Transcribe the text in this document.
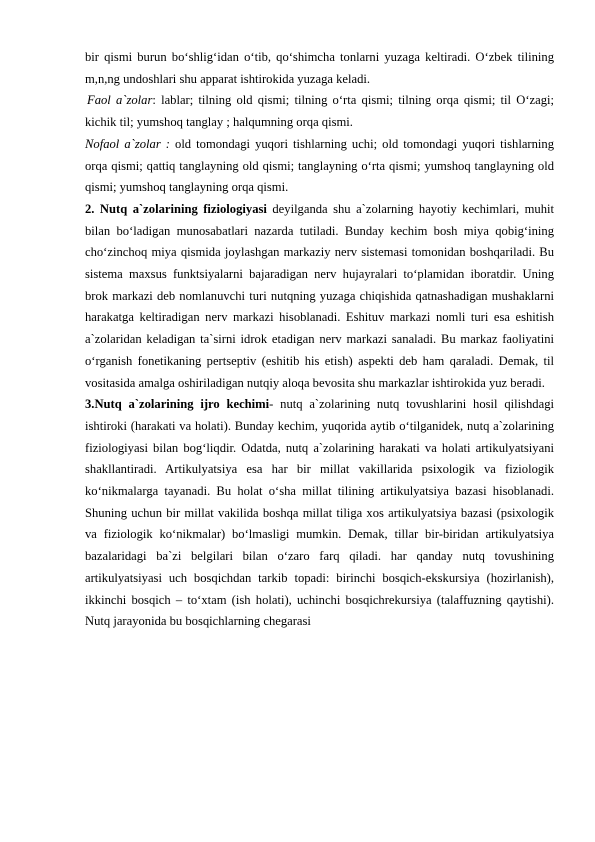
bir qismi burun bo‘shlig‘idan o‘tib, qo‘shimcha tonlarni yuzaga keltiradi. O‘zbek tilining m,n,ng undoshlari shu apparat ishtirokida yuzaga keladi.

Faol a`zolar: lablar; tilning old qismi; tilning o‘rta qismi; tilning orqa qismi; til O‘zagi; kichik til; yumshoq tanglay ; halqumning orqa qismi.

Nofaol a`zolar : old tomondagi yuqori tishlarning uchi; old tomondagi yuqori tishlarning orqa qismi; qattiq tanglayning old qismi; tanglayning o‘rta qismi; yumshoq tanglayning old qismi; yumshoq tanglayning orqa qismi.

2. Nutq a`zolarining fiziologiyasi deyilganda shu a`zolarning hayotiy kechimlari, muhit bilan bo‘ladigan munosabatlari nazarda tutiladi. Bunday kechim bosh miya qobig‘ining cho‘zinchoq miya qismida joylashgan markaziy nerv sistemasi tomonidan boshqariladi. Bu sistema maxsus funktsiyalarni bajaradigan nerv hujayralari to‘plamidan iboratdir. Uning brok markazi deb nomlanuvchi turi nutqning yuzaga chiqishida qatnashadigan mushaklarni harakatga keltiradigan nerv markazi hisoblanadi. Eshituv markazi nomli turi esa eshitish a`zolaridan keladigan ta`sirni idrok etadigan nerv markazi sanaladi. Bu markaz faoliyatini o‘rganish fonetikaning pertseptiv (eshitib his etish) aspekti deb ham qaraladi. Demak, til vositasida amalga oshiriladigan nutqiy aloqa bevosita shu markazlar ishtirokida yuz beradi.

3.Nutq a`zolarining ijro kechimi- nutq a`zolarining nutq tovushlarini hosil qilishdagi ishtiroki (harakati va holati). Bunday kechim, yuqorida aytib o‘tilganidek, nutq a`zolarining fiziologiyasi bilan bog‘liqdir. Odatda, nutq a`zolarining harakati va holati artikulyatsiyani shakllantiradi. Artikulyatsiya esa har bir millat vakillarida psixologik va fiziologik ko‘nikmalarga tayanadi. Bu holat o‘sha millat tilining artikulyatsiya bazasi hisoblanadi. Shuning uchun bir millat vakilida boshqa millat tiliga xos artikulyatsiya bazasi (psixologik va fiziologik ko‘nikmalar) bo‘lmasligi mumkin. Demak, tillar bir-biridan artikulyatsiya bazalaridagi ba`zi belgilari bilan o‘zaro farq qiladi. har qanday nutq tovushining artikulyatsiyasi uch bosqichdan tarkib topadi: birinchi bosqich-ekskursiya (hozirlanish), ikkinchi bosqich – to‘xtam (ish holati), uchinchi bosqichrekursiya (talaffuzning qaytishi). Nutq jarayonida bu bosqichlarning chegarasi
